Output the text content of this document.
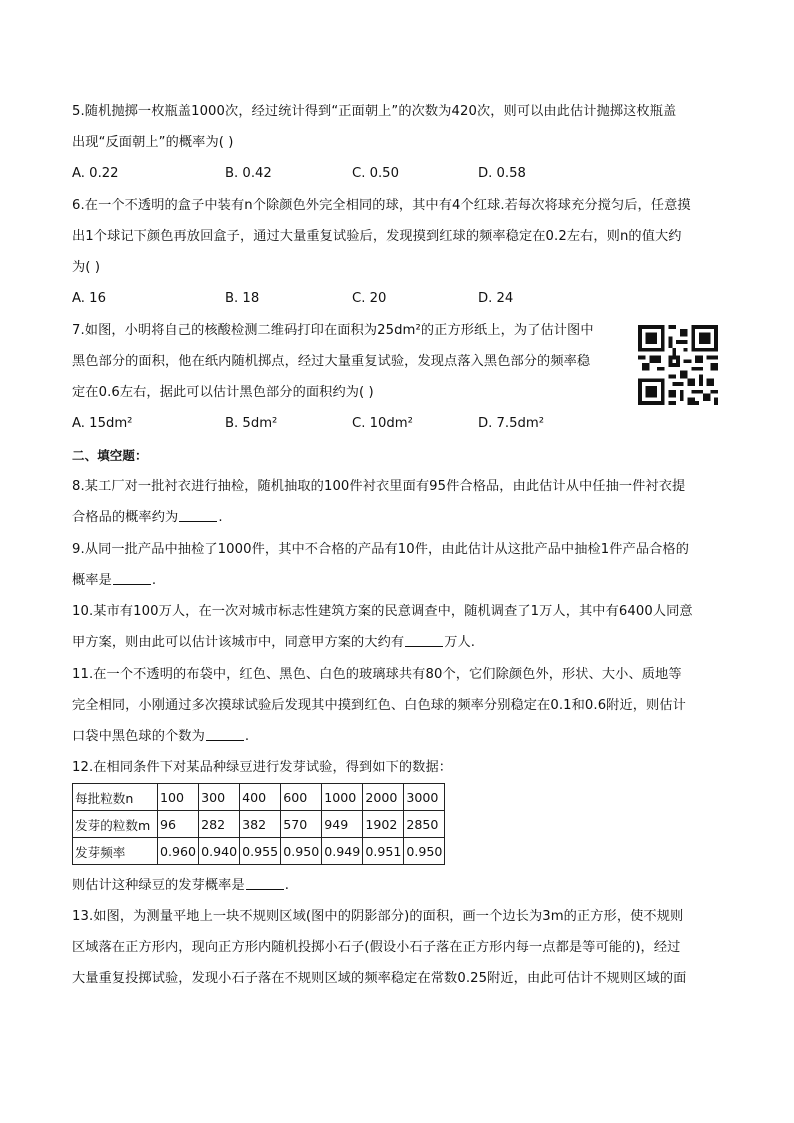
5.随机抛掷一枚瓶盖1000次，经过统计得到“正面朝上”的次数为420次，则可以由此估计抛掷这枚瓶盖
出现“反面朝上”的概率为( )
A. 0.22	B. 0.42	C. 0.50	D. 0.58
6.在一个不透明的盒子中装有n个除颜色外完全相同的球，其中有4个红球.若每次将球充分搅匀后，任意摸
出1个球记下颜色再放回盒子，通过大量重复试验后，发现摸到红球的频率稳定在0.2左右，则n的值大约
为( )
A. 16	B. 18	C. 20	D. 24
7.如图，小明将自己的核酸检测二维码打印在面积为25dm²的正方形纸上，为了估计图中
黑色部分的面积，他在纸内随机掷点，经过大量重复试验，发现点落入黑色部分的频率稳
定在0.6左右，据此可以估计黑色部分的面积约为( )
A. 15dm²	B. 5dm²	C. 10dm²	D. 7.5dm²
二、填空题：
8.某工厂对一批衬衣进行抽检，随机抽取的100件衬衣里面有95件合格品，由此估计从中任抽一件衬衣提
合格品的概率约为	.
9.从同一批产品中抽检了1000件，其中不合格的产品有10件，由此估计从这批产品中抽检1件产品合格的
概率是	.
10.某市有100万人，在一次对城市标志性建筑方案的民意调查中，随机调查了1万人，其中有6400人同意
甲方案，则由此可以估计该城市中，同意甲方案的大约有	万人.
11.在一个不透明的布袋中，红色、黑色、白色的玻璃球共有80个，它们除颜色外，形状、大小、质地等
完全相同，小刚通过多次摸球试验后发现其中摸到红色、白色球的频率分别稳定在0.1和0.6附近，则估计
口袋中黑色球的个数为	.
12.在相同条件下对某品种绿豆进行发芽试验，得到如下的数据：
每批粒数n	100	300	400	600	1000	2000	3000
发芽的粒数m	96	282	382	570	949	1902	2850
发芽频率	0.960	0.940	0.955	0.950	0.949	0.951	0.950
则估计这种绿豆的发芽概率是	.
13.如图，为测量平地上一块不规则区域(图中的阴影部分)的面积，画一个边长为3m的正方形，使不规则
区域落在正方形内，现向正方形内随机投掷小石子(假设小石子落在正方形内每一点都是等可能的)，经过
大量重复投掷试验，发现小石子落在不规则区域的频率稳定在常数0.25附近，由此可估计不规则区域的面
